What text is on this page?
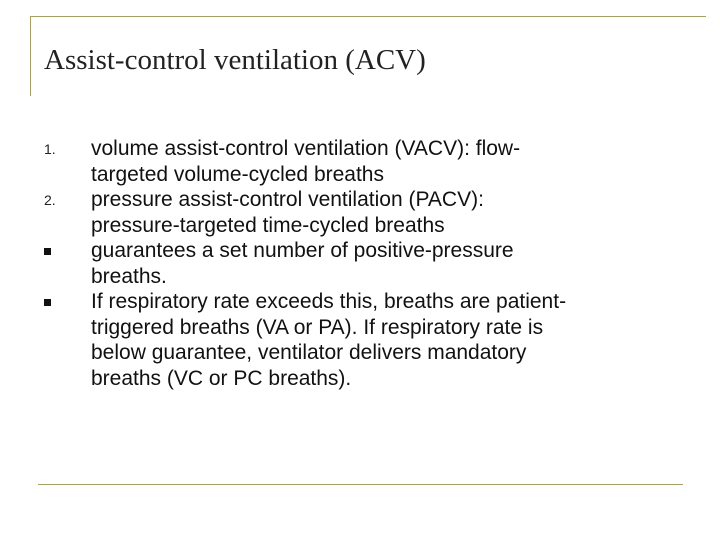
Assist-control ventilation (ACV)
1. volume assist-control ventilation (VACV): flow-
targeted volume-cycled breaths
2. pressure assist-control ventilation (PACV):
pressure-targeted time-cycled breaths
guarantees a set number of positive-pressure
breaths.
If respiratory rate exceeds this, breaths are patient-
triggered breaths (VA or PA). If respiratory rate is
below guarantee, ventilator delivers mandatory
breaths (VC or PC breaths).
